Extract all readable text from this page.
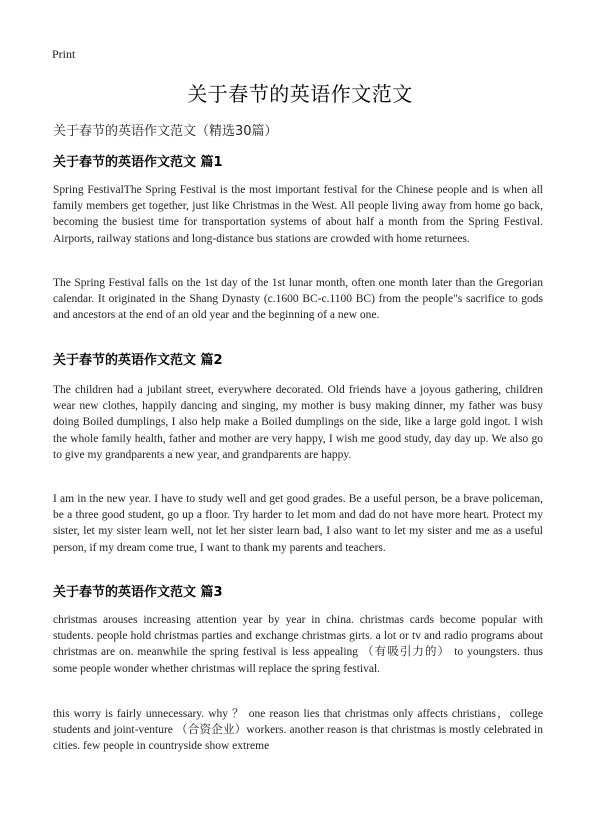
Print
关于春节的英语作文范文
关于春节的英语作文范文（精选30篇）
关于春节的英语作文范文 篇1
Spring FestivalThe Spring Festival is the most important festival for the Chinese people and is when all family members get together, just like Christmas in the West. All people living away from home go back, becoming the busiest time for transportation systems of about half a month from the Spring Festival. Airports, railway stations and long-distance bus stations are crowded with home returnees.
The Spring Festival falls on the 1st day of the 1st lunar month, often one month later than the Gregorian calendar. It originated in the Shang Dynasty (c.1600 BC-c.1100 BC) from the people"s sacrifice to gods and ancestors at the end of an old year and the beginning of a new one.
关于春节的英语作文范文 篇2
The children had a jubilant street, everywhere decorated. Old friends have a joyous gathering, children wear new clothes, happily dancing and singing, my mother is busy making dinner, my father was busy doing Boiled dumplings, I also help make a Boiled dumplings on the side, like a large gold ingot. I wish the whole family health, father and mother are very happy, I wish me good study, day day up. We also go to give my grandparents a new year, and grandparents are happy.
I am in the new year. I have to study well and get good grades. Be a useful person, be a brave policeman, be a three good student, go up a floor. Try harder to let mom and dad do not have more heart. Protect my sister, let my sister learn well, not let her sister learn bad, I also want to let my sister and me as a useful person, if my dream come true, I want to thank my parents and teachers.
关于春节的英语作文范文 篇3
christmas arouses increasing attention year by year in china. christmas cards become popular with students. people hold christmas parties and exchange christmas girts. a lot or tv and radio programs about christmas are on. meanwhile the spring festival is less appealing （有吸引力的） to youngsters. thus some people wonder whether christmas will replace the spring festival.
this worry is fairly unnecessary. why ？ one reason lies that christmas only affects christians，college students and joint-venture （合资企业）workers. another reason is that christmas is mostly celebrated in cities. few people in countryside show extreme
